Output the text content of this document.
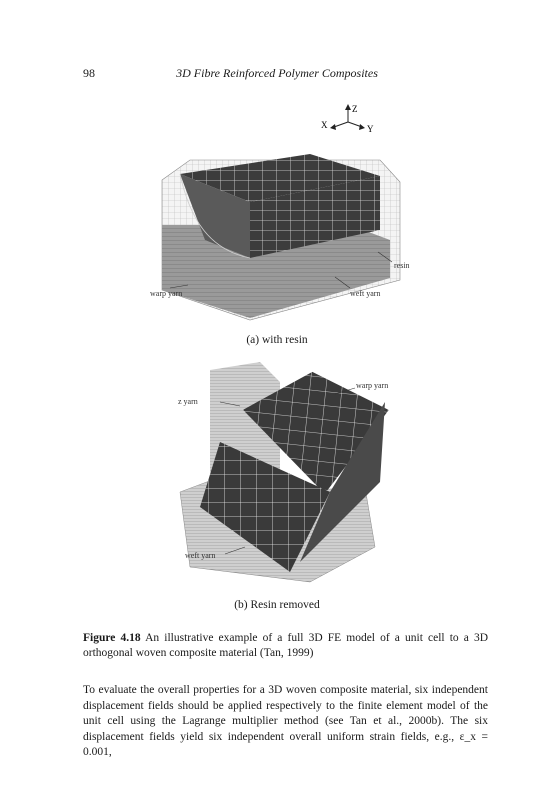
98	3D Fibre Reinforced Polymer Composites
Z
X	Y
warp yarn	weft yarn
resin
(a) with resin
z yarn
warp yarn
weft yarn
(b) Resin removed
Figure 4.18 An illustrative example of a full 3D FE model of a unit cell to a 3D orthogonal woven composite material (Tan, 1999)
To evaluate the overall properties for a 3D woven composite material, six independent displacement fields should be applied respectively to the finite element model of the unit cell using the Lagrange multiplier method (see Tan et al., 2000b). The six displacement fields yield six independent overall uniform strain fields, e.g., ε_x = 0.001,
